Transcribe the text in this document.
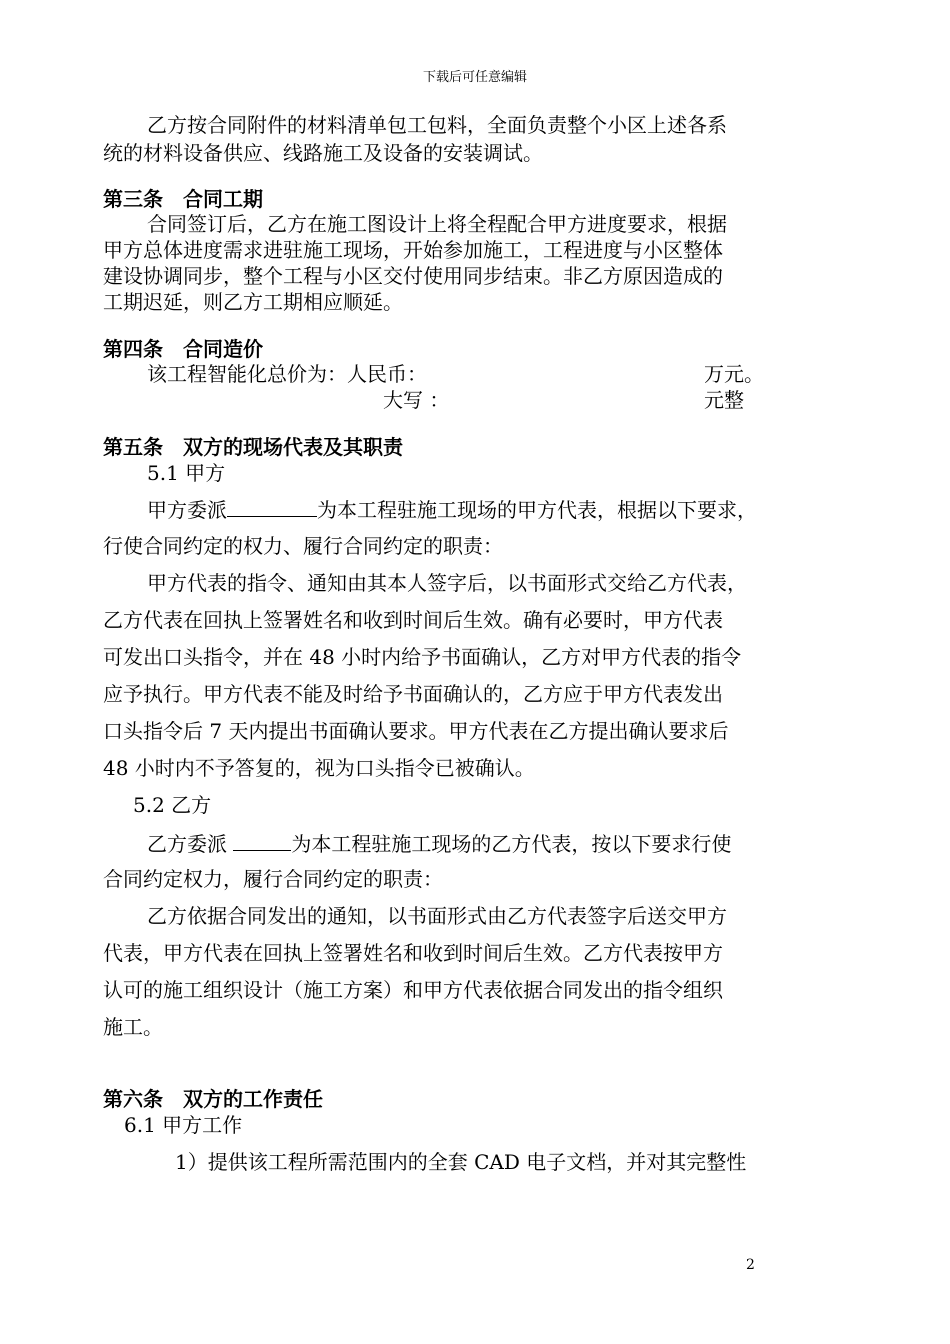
下载后可任意编辑
乙方按合同附件的材料清单包工包料，全面负责整个小区上述各系
统的材料设备供应、线路施工及设备的安装调试。
第三条　合同工期
合同签订后，乙方在施工图设计上将全程配合甲方进度要求，根据
甲方总体进度需求进驻施工现场，开始参加施工，工程进度与小区整体
建设协调同步，整个工程与小区交付使用同步结束。非乙方原因造成的
工期迟延，则乙方工期相应顺延。
第四条　合同造价
该工程智能化总价为：人民币：	万元。
大写 ：	元整
第五条　双方的现场代表及其职责
5.1 甲方
甲方委派	为本工程驻施工现场的甲方代表，根据以下要求，
行使合同约定的权力、履行合同约定的职责：
甲方代表的指令、通知由其本人签字后，以书面形式交给乙方代表，
乙方代表在回执上签署姓名和收到时间后生效。确有必要时，甲方代表
可发出口头指令，并在 48 小时内给予书面确认，乙方对甲方代表的指令
应予执行。甲方代表不能及时给予书面确认的，乙方应于甲方代表发出
口头指令后 7 天内提出书面确认要求。甲方代表在乙方提出确认要求后
48 小时内不予答复的，视为口头指令已被确认。
5.2 乙方
乙方委派	为本工程驻施工现场的乙方代表，按以下要求行使
合同约定权力，履行合同约定的职责：
乙方依据合同发出的通知，以书面形式由乙方代表签字后送交甲方
代表，甲方代表在回执上签署姓名和收到时间后生效。乙方代表按甲方
认可的施工组织设计（施工方案）和甲方代表依据合同发出的指令组织
施工。
第六条　双方的工作责任
6.1 甲方工作
1）提供该工程所需范围内的全套 CAD 电子文档，并对其完整性
2
